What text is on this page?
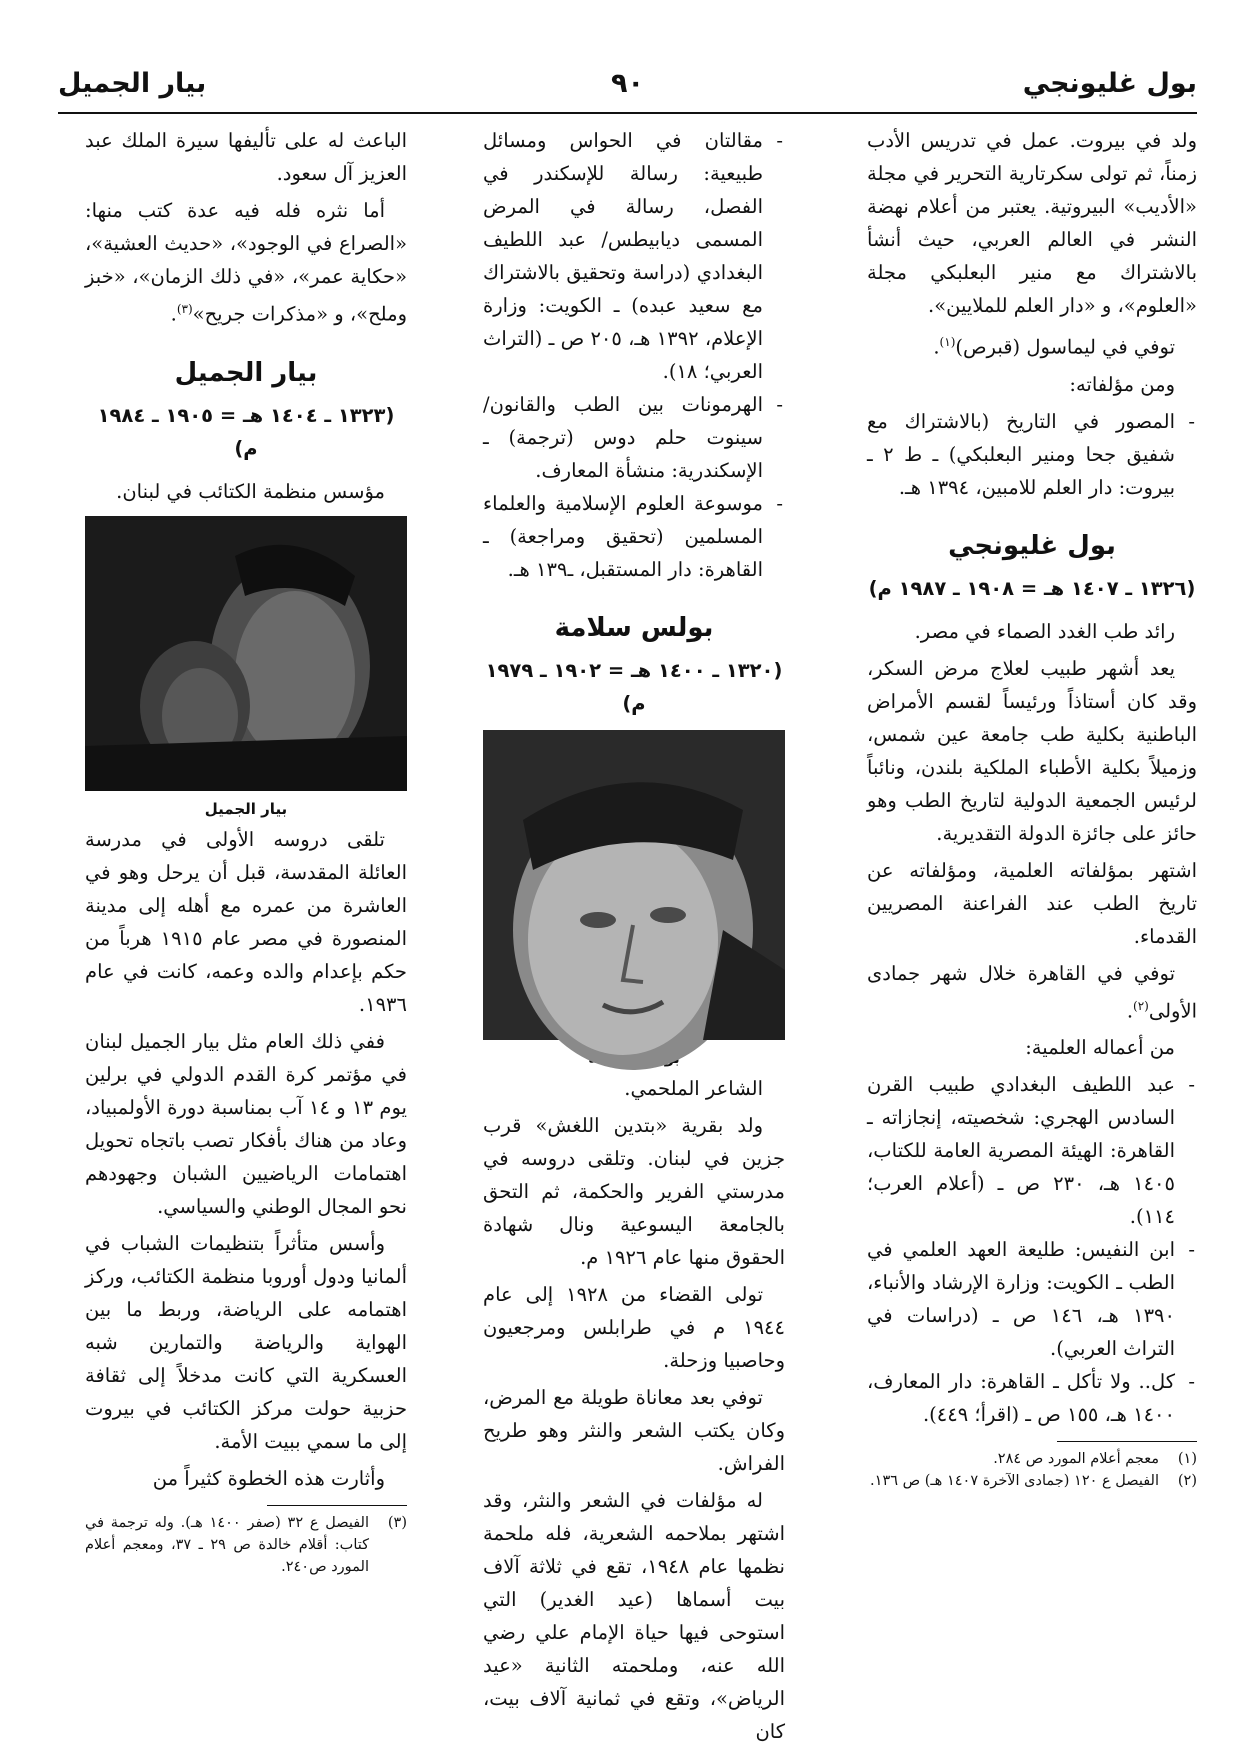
بول غليونجي
٩٠
بيار الجميل

ولد في بيروت. عمل في تدريس الأدب زمناً، ثم تولى سكرتارية التحرير في مجلة «الأديب» البيروتية. يعتبر من أعلام نهضة النشر في العالم العربي، حيث أنشأ بالاشتراك مع منير البعلبكي مجلة «العلوم»، و «دار العلم للملايين».

توفي في ليماسول (قبرص)$^{(١)}$.

ومن مؤلفاته:

- المصور في التاريخ (بالاشتراك مع شفيق جحا ومنير البعلبكي) ـ ط ٢ ـ بيروت: دار العلم للامبين، ١٣٩٤ هـ.
بول غليونجي
(١٣٢٦ ـ ١٤٠٧ هـ = ١٩٠٨ ـ ١٩٨٧ م)

رائد طب الغدد الصماء في مصر.

يعد أشهر طبيب لعلاج مرض السكر، وقد كان أستاذاً ورئيساً لقسم الأمراض الباطنية بكلية طب جامعة عين شمس، وزميلاً بكلية الأطباء الملكية بلندن، ونائباً لرئيس الجمعية الدولية لتاريخ الطب وهو حائز على جائزة الدولة التقديرية.

اشتهر بمؤلفاته العلمية، ومؤلفاته عن تاريخ الطب عند الفراعنة المصريين القدماء.

توفي في القاهرة خلال شهر جمادى الأولى$^{(٢)}$.

من أعماله العلمية:

- عبد اللطيف البغدادي طبيب القرن السادس الهجري: شخصيته، إنجازاته ـ القاهرة: الهيئة المصرية العامة للكتاب، ١٤٠٥ هـ، ٢٣٠ ص ـ (أعلام العرب؛ ١١٤).
- ابن النفيس: طليعة العهد العلمي في الطب ـ الكويت: وزارة الإرشاد والأنباء، ١٣٩٠ هـ، ١٤٦ ص ـ (دراسات في التراث العربي).
- كل.. ولا تأكل ـ القاهرة: دار المعارف، ١٤٠٠ هـ، ١٥٥ ص ـ (اقرأ؛ ٤٤٩).
(١)
معجم أعلام المورد ص ٢٨٤.
(٢)
الفيصل ع ١٢٠ (جمادى الآخرة ١٤٠٧ هـ) ص ١٣٦.
- مقالتان في الحواس ومسائل طبيعية: رسالة للإسكندر في الفصل، رسالة في المرض المسمى ديابيطس/ عبد اللطيف البغدادي (دراسة وتحقيق بالاشتراك مع سعيد عبده) ـ الكويت: وزارة الإعلام، ١٣٩٢ هـ، ٢٠٥ ص ـ (التراث العربي؛ ١٨).
- الهرمونات بين الطب والقانون/ سينوت حلم دوس (ترجمة) ـ الإسكندرية: منشأة المعارف.
- موسوعة العلوم الإسلامية والعلماء المسلمين (تحقيق ومراجعة) ـ القاهرة: دار المستقبل، ـ١٣٩ هـ.
بولس سلامة
(١٣٢٠ ـ ١٤٠٠ هـ = ١٩٠٢ ـ ١٩٧٩ م)

الشاعر الملحمي.

ولد بقرية «بتدين اللغش» قرب جزين في لبنان. وتلقى دروسه في مدرستي الفرير والحكمة، ثم التحق بالجامعة اليسوعية ونال شهادة الحقوق منها عام ١٩٢٦ م.

تولى القضاء من ١٩٢٨ إلى عام ١٩٤٤ م في طرابلس ومرجعيون وحاصبيا وزحلة.

توفي بعد معاناة طويلة مع المرض، وكان يكتب الشعر والنثر وهو طريح الفراش.

له مؤلفات في الشعر والنثر، وقد اشتهر بملاحمه الشعرية، فله ملحمة نظمها عام ١٩٤٨، تقع في ثلاثة آلاف بيت أسماها (عيد الغدير) التي استوحى فيها حياة الإمام علي رضي الله عنه، وملحمته الثانية «عيد الرياض»، وتقع في ثمانية آلاف بيت، كان

الباعث له على تأليفها سيرة الملك عبد العزيز آل سعود.

أما نثره فله فيه عدة كتب منها: «الصراع في الوجود»، «حديث العشية»، «حكاية عمر»، «في ذلك الزمان»، «خبز وملح»، و «مذكرات جريح»$^{(٣)}$.

بيار الجميل
(١٣٢٣ ـ ١٤٠٤ هـ = ١٩٠٥ ـ ١٩٨٤ م)

مؤسس منظمة الكتائب في لبنان.

بيار الجميل

تلقى دروسه الأولى في مدرسة العائلة المقدسة، قبل أن يرحل وهو في العاشرة من عمره مع أهله إلى مدينة المنصورة في مصر عام ١٩١٥ هرباً من حكم بإعدام والده وعمه، كانت في عام ١٩٣٦.

ففي ذلك العام مثل بيار الجميل لبنان في مؤتمر كرة القدم الدولي في برلين يوم ١٣ و ١٤ آب بمناسبة دورة الأولمبياد، وعاد من هناك بأفكار تصب باتجاه تحويل اهتمامات الرياضيين الشبان وجهودهم نحو المجال الوطني والسياسي.

وأسس متأثراً بتنظيمات الشباب في ألمانيا ودول أوروبا منظمة الكتائب، وركز اهتمامه على الرياضة، وربط ما بين الهواية والرياضة والتمارين شبه العسكرية التي كانت مدخلاً إلى ثقافة حزبية حولت مركز الكتائب في بيروت إلى ما سمي ببيت الأمة.

وأثارت هذه الخطوة كثيراً من

(٣)
الفيصل ع ٣٢ (صفر ١٤٠٠ هـ). وله ترجمة في كتاب: أقلام خالدة ص ٢٩ ـ ٣٧، ومعجم أعلام المورد ص٢٤٠.
